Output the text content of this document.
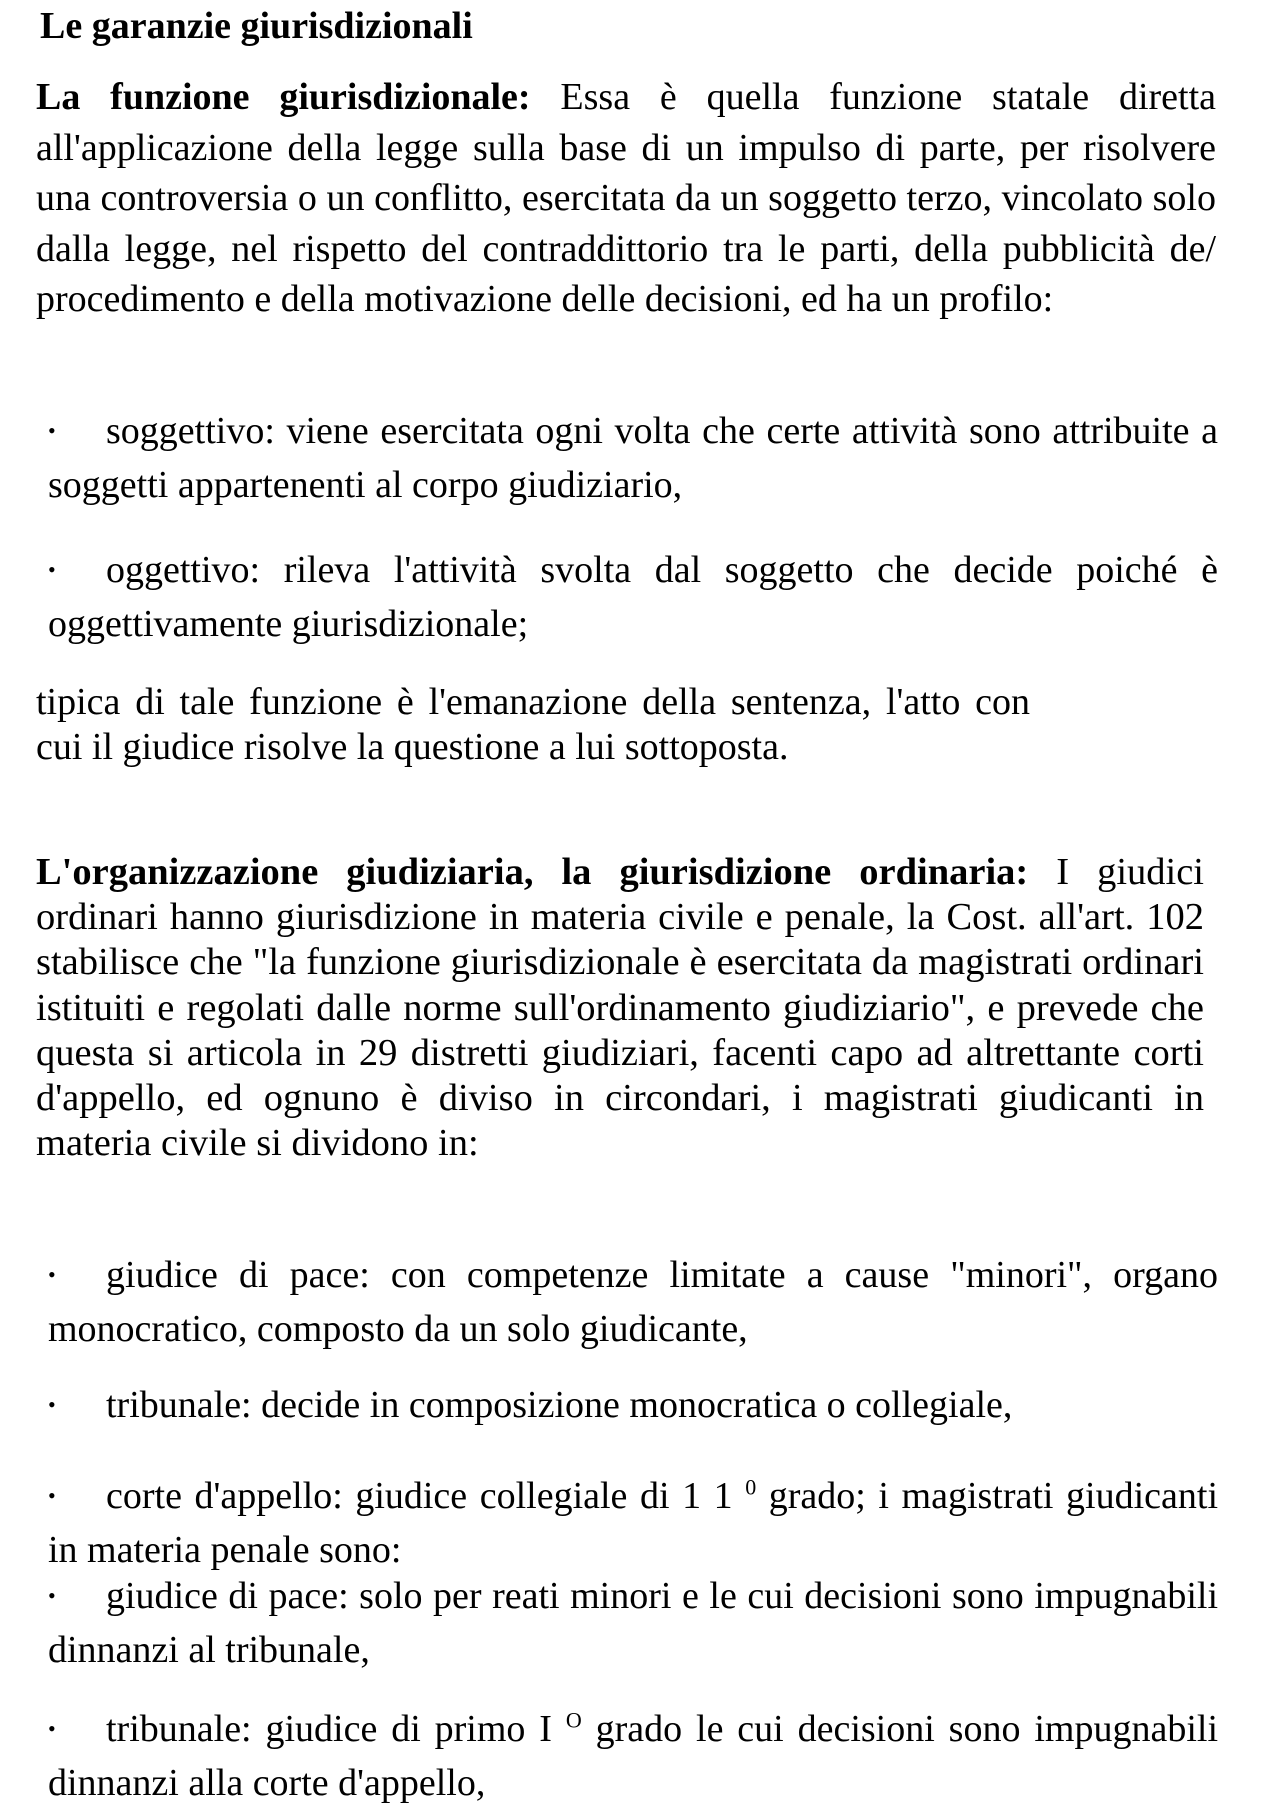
Le garanzie giurisdizionali

La funzione giurisdizionale: Essa è quella funzione statale diretta all'applicazione della legge sulla base di un impulso di parte, per risolvere una controversia o un conflitto, esercitata da un soggetto terzo, vincolato solo dalla legge, nel rispetto del contraddittorio tra le parti, della pubblicità de/ procedimento e della motivazione delle decisioni, ed ha un profilo:

• soggettivo: viene esercitata ogni volta che certe attività sono attribuite a soggetti appartenenti al corpo giudiziario,
• oggettivo: rileva l'attività svolta dal soggetto che decide poiché è oggettivamente giurisdizionale;

tipica di tale funzione è l'emanazione della sentenza, l'atto con cui il giudice risolve la questione a lui sottoposta.

L'organizzazione giudiziaria, la giurisdizione ordinaria: I giudici ordinari hanno giurisdizione in materia civile e penale, la Cost. all'art. 102 stabilisce che "la funzione giurisdizionale è esercitata da magistrati ordinari istituiti e regolati dalle norme sull'ordinamento giudiziario", e prevede che questa si articola in 29 distretti giudiziari, facenti capo ad altrettante corti d'appello, ed ognuno è diviso in circondari, i magistrati giudicanti in materia civile si dividono in:

• giudice di pace: con competenze limitate a cause "minori", organo monocratico, composto da un solo giudicante,
• tribunale: decide in composizione monocratica o collegiale,
• corte d'appello: giudice collegiale di 1 1 $^0$ grado; i magistrati giudicanti in materia penale sono:
• giudice di pace: solo per reati minori e le cui decisioni sono impugnabili dinnanzi al tribunale,
• tribunale: giudice di primo I $^O$ grado le cui decisioni sono impugnabili dinnanzi alla corte d'appello,
